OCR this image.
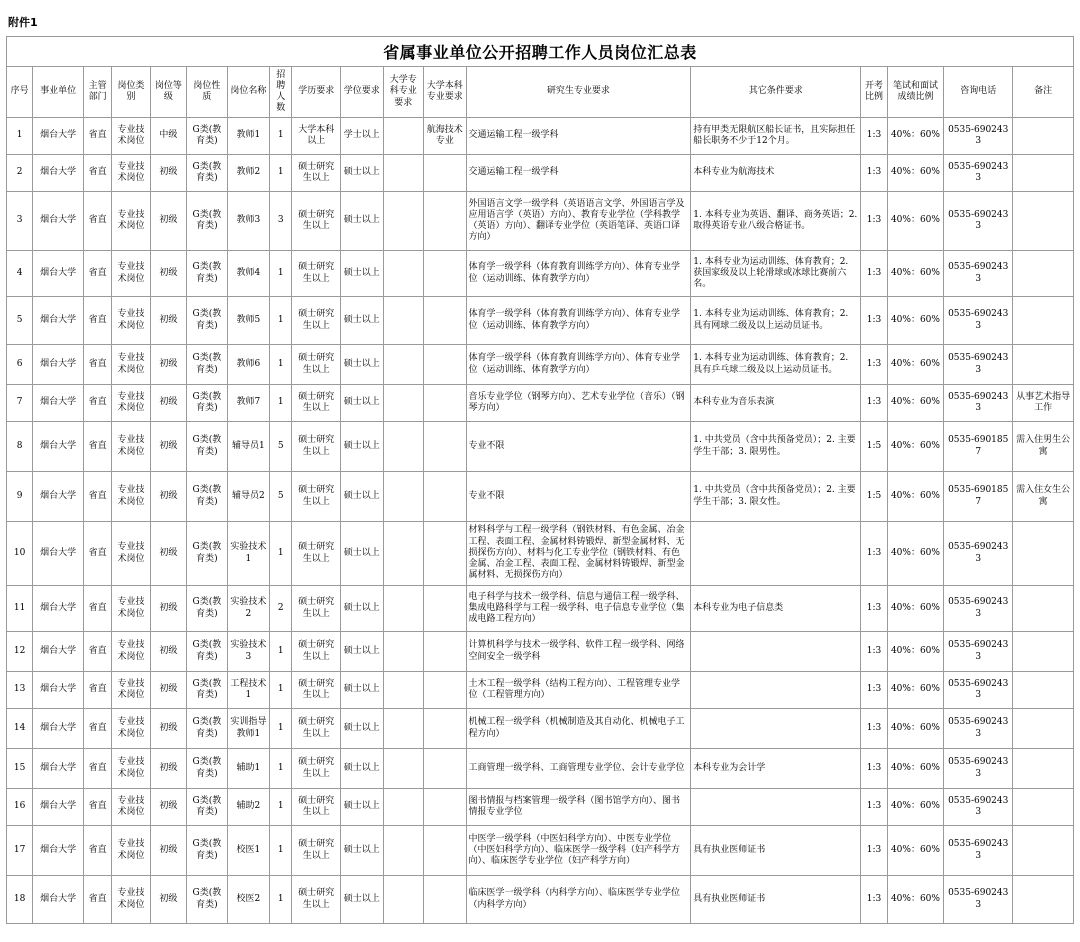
附件1
省属事业单位公开招聘工作人员岗位汇总表
序号	事业单位	主管部门	岗位类别	岗位等级	岗位性质	岗位名称	招聘人数	学历要求	学位要求	大学专科专业要求	大学本科专业要求	研究生专业要求	其它条件要求	开考比例	笔试和面试成绩比例	咨询电话	备注
1	烟台大学	省直	专业技术岗位	中级	G类(教育类)	教师1	1	大学本科以上	学士以上		航海技术专业	交通运输工程一级学科	持有甲类无限航区船长证书，且实际担任船长职务不少于12个月。	1:3	40%：60%	0535-6902433	
2	烟台大学	省直	专业技术岗位	初级	G类(教育类)	教师2	1	硕士研究生以上	硕士以上			交通运输工程一级学科	本科专业为航海技术	1:3	40%：60%	0535-6902433	
3	烟台大学	省直	专业技术岗位	初级	G类(教育类)	教师3	3	硕士研究生以上	硕士以上			外国语言文学一级学科（英语语言文学、外国语言学及应用语言学（英语）方向）、教育专业学位（学科教学（英语）方向）、翻译专业学位（英语笔译、英语口译方向）	1. 本科专业为英语、翻译、商务英语；2. 取得英语专业八级合格证书。	1:3	40%：60%	0535-6902433	
4	烟台大学	省直	专业技术岗位	初级	G类(教育类)	教师4	1	硕士研究生以上	硕士以上			体育学一级学科（体育教育训练学方向）、体育专业学位（运动训练、体育教学方向）	1. 本科专业为运动训练、体育教育；2. 获国家级及以上轮滑球或冰球比赛前六名。	1:3	40%：60%	0535-6902433	
5	烟台大学	省直	专业技术岗位	初级	G类(教育类)	教师5	1	硕士研究生以上	硕士以上			体育学一级学科（体育教育训练学方向）、体育专业学位（运动训练、体育教学方向）	1. 本科专业为运动训练、体育教育；2. 具有网球二级及以上运动员证书。	1:3	40%：60%	0535-6902433	
6	烟台大学	省直	专业技术岗位	初级	G类(教育类)	教师6	1	硕士研究生以上	硕士以上			体育学一级学科（体育教育训练学方向）、体育专业学位（运动训练、体育教学方向）	1. 本科专业为运动训练、体育教育；2. 具有乒乓球二级及以上运动员证书。	1:3	40%：60%	0535-6902433	
7	烟台大学	省直	专业技术岗位	初级	G类(教育类)	教师7	1	硕士研究生以上	硕士以上			音乐专业学位（钢琴方向）、艺术专业学位（音乐）（钢琴方向）	本科专业为音乐表演	1:3	40%：60%	0535-6902433	从事艺术指导工作
8	烟台大学	省直	专业技术岗位	初级	G类(教育类)	辅导员1	5	硕士研究生以上	硕士以上			专业不限	1. 中共党员（含中共预备党员）；2. 主要学生干部；3. 限男性。	1:5	40%：60%	0535-6901857	需入住男生公寓
9	烟台大学	省直	专业技术岗位	初级	G类(教育类)	辅导员2	5	硕士研究生以上	硕士以上			专业不限	1. 中共党员（含中共预备党员）；2. 主要学生干部；3. 限女性。	1:5	40%：60%	0535-6901857	需入住女生公寓
10	烟台大学	省直	专业技术岗位	初级	G类(教育类)	实验技术1	1	硕士研究生以上	硕士以上			材料科学与工程一级学科（钢铁材料、有色金属、冶金工程、表面工程、金属材料铸锻焊、新型金属材料、无损探伤方向）、材料与化工专业学位（钢铁材料、有色金属、冶金工程、表面工程、金属材料铸锻焊、新型金属材料、无损探伤方向）		1:3	40%：60%	0535-6902433	
11	烟台大学	省直	专业技术岗位	初级	G类(教育类)	实验技术2	2	硕士研究生以上	硕士以上			电子科学与技术一级学科、信息与通信工程一级学科、集成电路科学与工程一级学科、电子信息专业学位（集成电路工程方向）	本科专业为电子信息类	1:3	40%：60%	0535-6902433	
12	烟台大学	省直	专业技术岗位	初级	G类(教育类)	实验技术3	1	硕士研究生以上	硕士以上			计算机科学与技术一级学科、软件工程一级学科、网络空间安全一级学科		1:3	40%：60%	0535-6902433	
13	烟台大学	省直	专业技术岗位	初级	G类(教育类)	工程技术1	1	硕士研究生以上	硕士以上			土木工程一级学科（结构工程方向）、工程管理专业学位（工程管理方向）		1:3	40%：60%	0535-6902433	
14	烟台大学	省直	专业技术岗位	初级	G类(教育类)	实训指导教师1	1	硕士研究生以上	硕士以上			机械工程一级学科（机械制造及其自动化、机械电子工程方向）		1:3	40%：60%	0535-6902433	
15	烟台大学	省直	专业技术岗位	初级	G类(教育类)	辅助1	1	硕士研究生以上	硕士以上			工商管理一级学科、工商管理专业学位、会计专业学位	本科专业为会计学	1:3	40%：60%	0535-6902433	
16	烟台大学	省直	专业技术岗位	初级	G类(教育类)	辅助2	1	硕士研究生以上	硕士以上			图书情报与档案管理一级学科（图书馆学方向）、图书情报专业学位		1:3	40%：60%	0535-6902433	
17	烟台大学	省直	专业技术岗位	初级	G类(教育类)	校医1	1	硕士研究生以上	硕士以上			中医学一级学科（中医妇科学方向）、中医专业学位（中医妇科学方向）、临床医学一级学科（妇产科学方向）、临床医学专业学位（妇产科学方向）	具有执业医师证书	1:3	40%：60%	0535-6902433	
18	烟台大学	省直	专业技术岗位	初级	G类(教育类)	校医2	1	硕士研究生以上	硕士以上			临床医学一级学科（内科学方向）、临床医学专业学位（内科学方向）	具有执业医师证书	1:3	40%：60%	0535-6902433	
